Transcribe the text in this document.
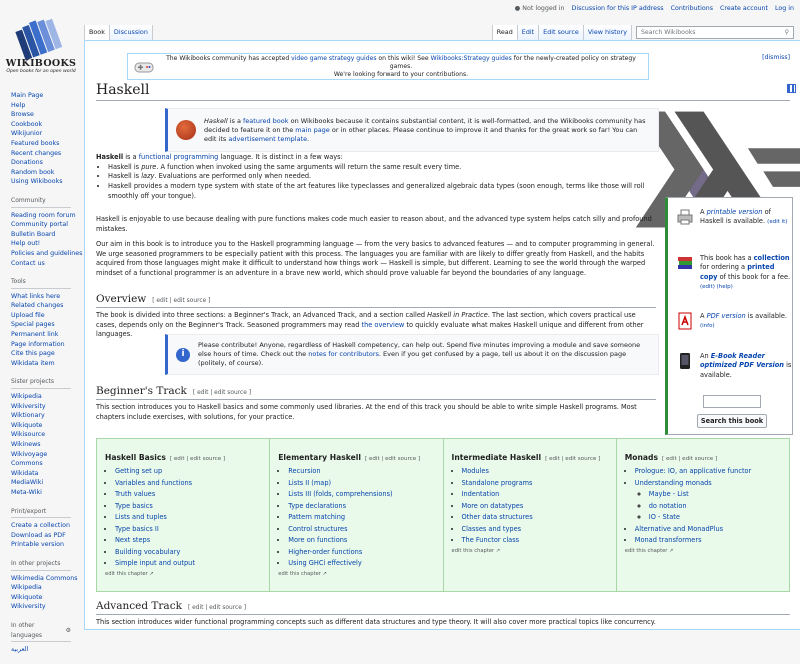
● Not logged in Discussion for this IP address Contributions Create account Log in
WIKIBOOKS
Open books for an open world
Main Page
Help
Browse
Cookbook
Wikijunior
Featured books
Recent changes
Donations
Random book
Using Wikibooks
Community
Reading room forum
Community portal
Bulletin Board
Help out!
Policies and guidelines
Contact us
Tools
What links here
Related changes
Upload file
Special pages
Permanent link
Page information
Cite this page
Wikidata item
Sister projects
Wikipedia
Wikiversity
Wiktionary
Wikiquote
Wikisource
Wikinews
Wikivoyage
Commons
Wikidata
MediaWiki
Meta-Wiki
Print/export
Create a collection
Download as PDF
Printable version
In other projects
Wikimedia Commons
Wikipedia
Wikiquote
Wikiversity
In other languages
⚙
العربية
Book	Discussion	Read	Edit	Edit source	View history	Search Wikibooks	⚲
The Wikibooks community has accepted video game strategy guides on this wiki! See Wikibooks:Strategy guides for the newly-created policy on strategy games.
We're looking forward to your contributions.
[dismiss]
Haskell
Haskell is a featured book on Wikibooks because it contains substantial content, it is well-formatted, and the Wikibooks community has decided to feature it on the main page or in other places. Please continue to improve it and thanks for the great work so far! You can edit its advertisement template.
Haskell is a functional programming language. It is distinct in a few ways:
• Haskell is pure. A function when invoked using the same arguments will return the same result every time.
• Haskell is lazy. Evaluations are performed only when needed.
• Haskell provides a modern type system with state of the art features like typeclasses and generalized algebraic data types (soon enough, terms like those will roll smoothly off your tongue).
Haskell is enjoyable to use because dealing with pure functions makes code much easier to reason about, and the advanced type system helps catch silly and profound mistakes.
Our aim in this book is to introduce you to the Haskell programming language — from the very basics to advanced features — and to computer programming in general. We urge seasoned programmers to be especially patient with this process. The languages you are familiar with are likely to differ greatly from Haskell, and the habits acquired from those languages might make it difficult to understand how things work — Haskell is simple, but different. Learning to see the world through the warped mindset of a functional programmer is an adventure in a brave new world, which should prove valuable far beyond the boundaries of any language.
Overview [ edit | edit source ]
The book is divided into three sections: a Beginner's Track, an Advanced Track, and a section called Haskell in Practice. The last section, which covers practical use cases, depends only on the Beginner's Track. Seasoned programmers may read the overview to quickly evaluate what makes Haskell unique and different from other languages.
i
Please contribute! Anyone, regardless of Haskell competency, can help out. Spend five minutes improving a module and save someone else hours of time. Check out the notes for contributors. Even if you get confused by a page, tell us about it on the discussion page (politely, of course).
Beginner's Track [ edit | edit source ]
This section introduces you to Haskell basics and some commonly used libraries. At the end of this track you should be able to write simple Haskell programs. Most chapters include exercises, with solutions, for your practice.
A printable version of Haskell is available. (edit it)
This book has a collection for ordering a printed copy of this book for a fee. (edit) (help)
A PDF version is available. (info)
An E-Book Reader optimized PDF Version is available.
Search this book
Haskell Basics [ edit | edit source ]
• Getting set up
• Variables and functions
• Truth values
• Type basics
• Lists and tuples
• Type basics II
• Next steps
• Building vocabulary
• Simple input and output
edit this chapter ↗
Elementary Haskell [ edit | edit source ]
• Recursion
• Lists II (map)
• Lists III (folds, comprehensions)
• Type declarations
• Pattern matching
• Control structures
• More on functions
• Higher-order functions
• Using GHCi effectively
edit this chapter ↗
Intermediate Haskell [ edit | edit source ]
• Modules
• Standalone programs
• Indentation
• More on datatypes
• Other data structures
• Classes and types
• The Functor class
edit this chapter ↗
Monads [ edit | edit source ]
• Prologue: IO, an applicative functor
• Understanding monads
◦ Maybe - List
◦ do notation
◦ IO - State
• Alternative and MonadPlus
• Monad transformers
edit this chapter ↗
Advanced Track [ edit | edit source ]
This section introduces wider functional programming concepts such as different data structures and type theory. It will also cover more practical topics like concurrency.
